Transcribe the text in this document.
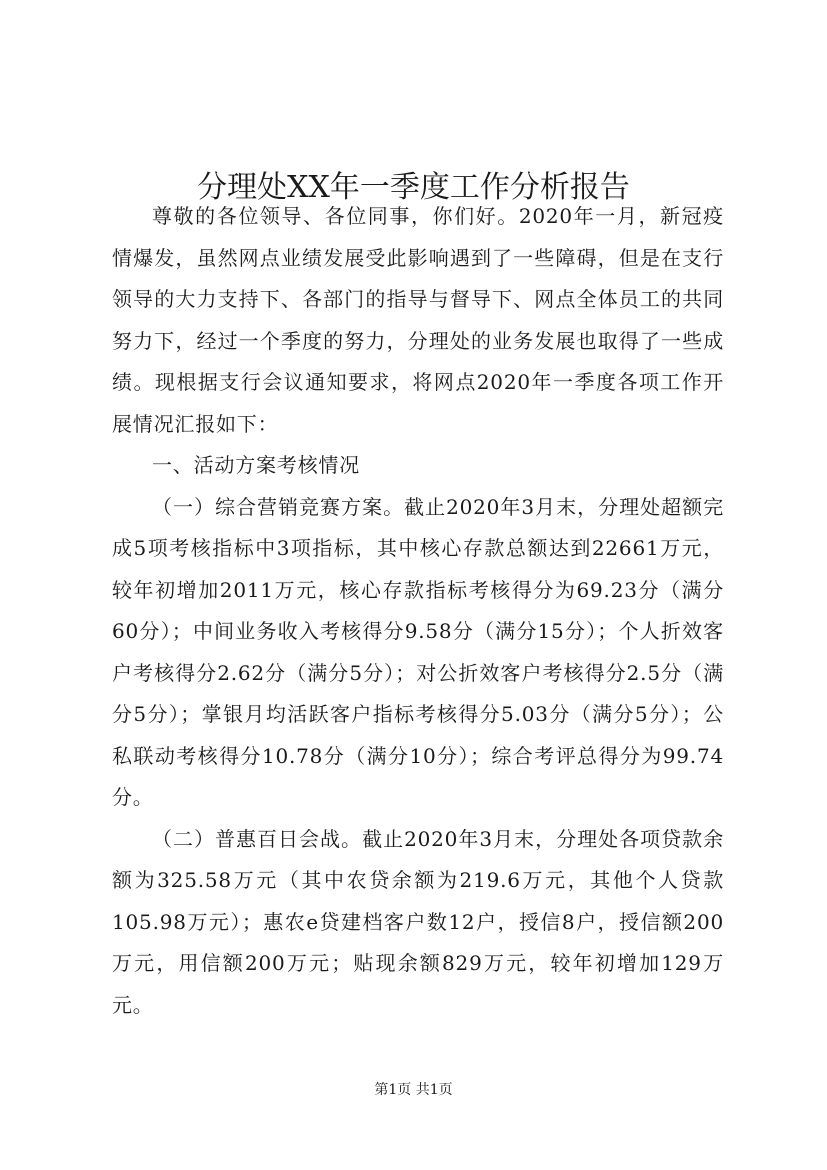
分理处XX年一季度工作分析报告

尊敬的各位领导、各位同事，你们好。2020年一月，新冠疫情爆发，虽然网点业绩发展受此影响遇到了一些障碍，但是在支行领导的大力支持下、各部门的指导与督导下、网点全体员工的共同努力下，经过一个季度的努力，分理处的业务发展也取得了一些成绩。现根据支行会议通知要求，将网点2020年一季度各项工作开展情况汇报如下：

一、活动方案考核情况

（一）综合营销竞赛方案。截止2020年3月末，分理处超额完成5项考核指标中3项指标，其中核心存款总额达到22661万元，较年初增加2011万元，核心存款指标考核得分为69.23分（满分60分）；中间业务收入考核得分9.58分（满分15分）；个人折效客户考核得分2.62分（满分5分）；对公折效客户考核得分2.5分（满分5分）；掌银月均活跃客户指标考核得分5.03分（满分5分）；公私联动考核得分10.78分（满分10分）；综合考评总得分为99.74分。

（二）普惠百日会战。截止2020年3月末，分理处各项贷款余额为325.58万元（其中农贷余额为219.6万元，其他个人贷款105.98万元）；惠农e贷建档客户数12户，授信8户，授信额200万元，用信额200万元；贴现余额829万元，较年初增加129万元。

第1页 共1页
